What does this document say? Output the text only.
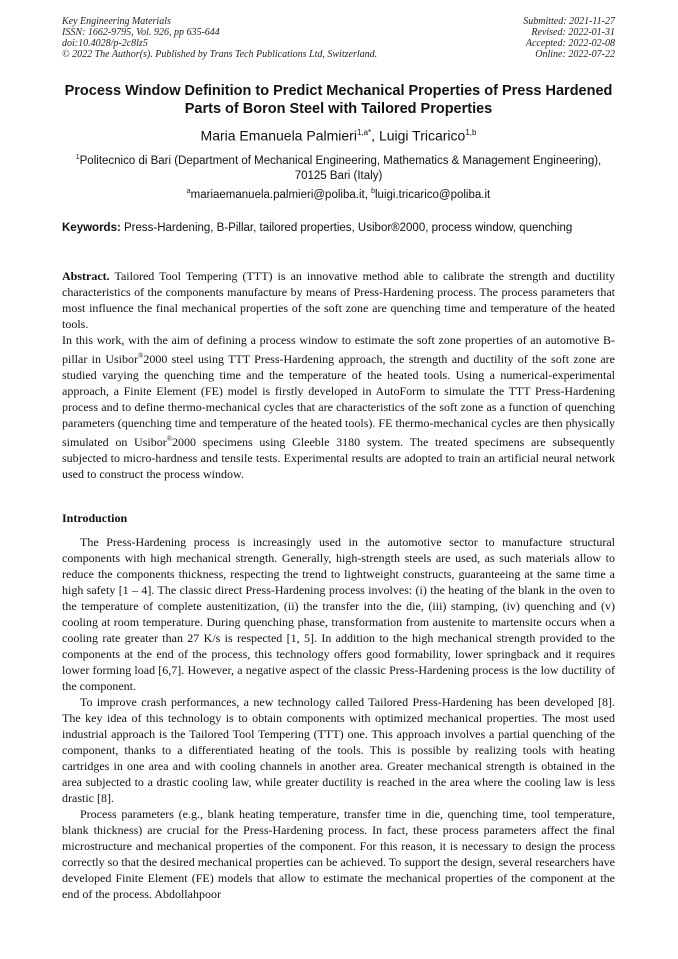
Key Engineering Materials
ISSN: 1662-9795, Vol. 926, pp 635-644
doi:10.4028/p-2c8lz5
© 2022 The Author(s). Published by Trans Tech Publications Ltd, Switzerland.
Submitted: 2021-11-27
Revised: 2022-01-31
Accepted: 2022-02-08
Online: 2022-07-22
Process Window Definition to Predict Mechanical Properties of Press Hardened Parts of Boron Steel with Tailored Properties
Maria Emanuela Palmieri$^{1,a*}$, Luigi Tricarico$^{1,b}$
$^1$Politecnico di Bari (Department of Mechanical Engineering, Mathematics & Management Engineering), 70125 Bari (Italy)
$^a$mariaemanuela.palmieri@poliba.it, $^b$luigi.tricarico@poliba.it
Keywords: Press-Hardening, B-Pillar, tailored properties, Usibor®2000, process window, quenching

Abstract. Tailored Tool Tempering (TTT) is an innovative method able to calibrate the strength and ductility characteristics of the components manufacture by means of Press-Hardening process. The process parameters that most influence the final mechanical properties of the soft zone are quenching time and temperature of the heated tools.

In this work, with the aim of defining a process window to estimate the soft zone properties of an automotive B-pillar in Usibor®2000 steel using TTT Press-Hardening approach, the strength and ductility of the soft zone are studied varying the quenching time and the temperature of the heated tools. Using a numerical-experimental approach, a Finite Element (FE) model is firstly developed in AutoForm to simulate the TTT Press-Hardening process and to define thermo-mechanical cycles that are characteristics of the soft zone as a function of quenching parameters (quenching time and temperature of the heated tools). FE thermo-mechanical cycles are then physically simulated on Usibor®2000 specimens using Gleeble 3180 system. The treated specimens are subsequently subjected to micro-hardness and tensile tests. Experimental results are adopted to train an artificial neural network used to construct the process window.

Introduction

The Press-Hardening process is increasingly used in the automotive sector to manufacture structural components with high mechanical strength. Generally, high-strength steels are used, as such materials allow to reduce the components thickness, respecting the trend to lightweight constructs, guaranteeing at the same time a high safety [1 – 4]. The classic direct Press-Hardening process involves: (i) the heating of the blank in the oven to the temperature of complete austenitization, (ii) the transfer into the die, (iii) stamping, (iv) quenching and (v) cooling at room temperature. During quenching phase, transformation from austenite to martensite occurs when a cooling rate greater than 27 K/s is respected [1, 5]. In addition to the high mechanical strength provided to the components at the end of the process, this technology offers good formability, lower springback and it requires lower forming load [6,7]. However, a negative aspect of the classic Press-Hardening process is the low ductility of the component.

To improve crash performances, a new technology called Tailored Press-Hardening has been developed [8]. The key idea of this technology is to obtain components with optimized mechanical properties. The most used industrial approach is the Tailored Tool Tempering (TTT) one. This approach involves a partial quenching of the component, thanks to a differentiated heating of the tools. This is possible by realizing tools with heating cartridges in one area and with cooling channels in another area. Greater mechanical strength is obtained in the area subjected to a drastic cooling law, while greater ductility is reached in the area where the cooling law is less drastic [8].

Process parameters (e.g., blank heating temperature, transfer time in die, quenching time, tool temperature, blank thickness) are crucial for the Press-Hardening process. In fact, these process parameters affect the final microstructure and mechanical properties of the component. For this reason, it is necessary to design the process correctly so that the desired mechanical properties can be achieved. To support the design, several researchers have developed Finite Element (FE) models that allow to estimate the mechanical properties of the component at the end of the process. Abdollahpoor
